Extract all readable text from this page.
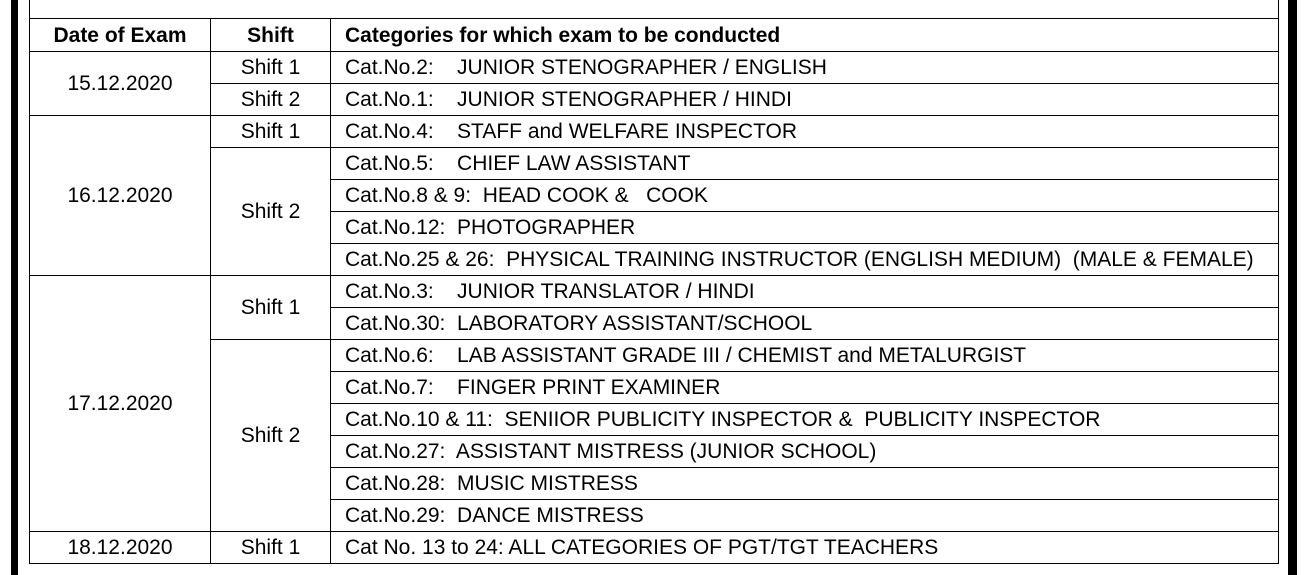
Date of Exam	Shift	Categories for which exam to be conducted
15.12.2020	Shift 1	Cat.No.2:    JUNIOR STENOGRAPHER / ENGLISH
	Shift 2	Cat.No.1:    JUNIOR STENOGRAPHER / HINDI
16.12.2020	Shift 1	Cat.No.4:    STAFF and WELFARE INSPECTOR
	Shift 2	Cat.No.5:    CHIEF LAW ASSISTANT
		Cat.No.8 & 9:  HEAD COOK &   COOK
		Cat.No.12:  PHOTOGRAPHER
		Cat.No.25 & 26:  PHYSICAL TRAINING INSTRUCTOR (ENGLISH MEDIUM)  (MALE & FEMALE)
17.12.2020	Shift 1	Cat.No.3:    JUNIOR TRANSLATOR / HINDI
		Cat.No.30:  LABORATORY ASSISTANT/SCHOOL
	Shift 2	Cat.No.6:    LAB ASSISTANT GRADE III / CHEMIST and METALURGIST
		Cat.No.7:    FINGER PRINT EXAMINER
		Cat.No.10 & 11:  SENIIOR PUBLICITY INSPECTOR &  PUBLICITY INSPECTOR
		Cat.No.27:  ASSISTANT MISTRESS (JUNIOR SCHOOL)
		Cat.No.28:  MUSIC MISTRESS
		Cat.No.29:  DANCE MISTRESS
18.12.2020	Shift 1	Cat No. 13 to 24: ALL CATEGORIES OF PGT/TGT TEACHERS
